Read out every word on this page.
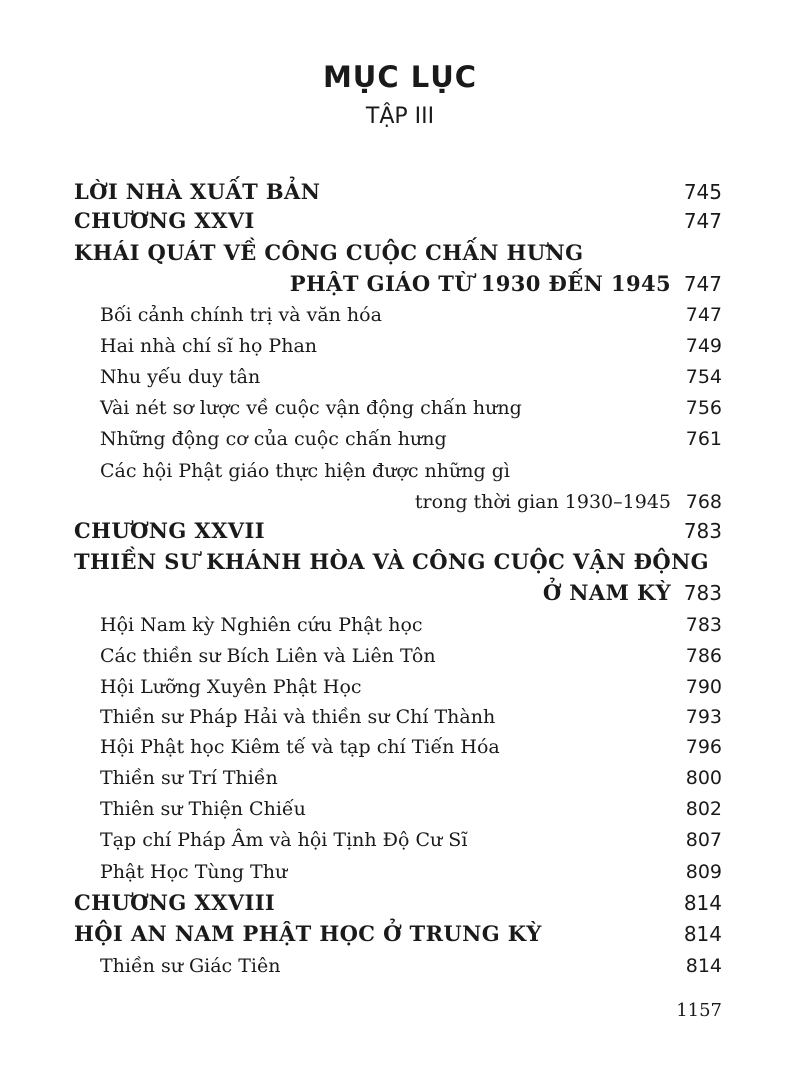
MỤC LỤC
TẬP III
LỜI NHÀ XUẤT BẢN	745
CHƯƠNG XXVI	747
KHÁI QUÁT VỀ CÔNG CUỘC CHẤN HƯNG
PHẬT GIÁO TỪ 1930 ĐẾN 1945 747
Bối cảnh chính trị và văn hóa	747
Hai nhà chí sĩ họ Phan	749
Nhu yếu duy tân	754
Vài nét sơ lược về cuộc vận động chấn hưng	756
Những động cơ của cuộc chấn hưng	761
Các hội Phật giáo thực hiện được những gì
trong thời gian 1930–1945 768
CHƯƠNG XXVII	783
THIỀN SƯ KHÁNH HÒA VÀ CÔNG CUỘC VẬN ĐỘNG
Ở NAM KỲ 783
Hội Nam kỳ Nghiên cứu Phật học	783
Các thiền sư Bích Liên và Liên Tôn	786
Hội Lưỡng Xuyên Phật Học	790
Thiền sư Pháp Hải và thiền sư Chí Thành	793
Hội Phật học Kiêm tế và tạp chí Tiến Hóa	796
Thiền sư Trí Thiền	800
Thiên sư Thiện Chiếu	802
Tạp chí Pháp Âm và hội Tịnh Độ Cư Sĩ	807
Phật Học Tùng Thư	809
CHƯƠNG XXVIII	814
HỘI AN NAM PHẬT HỌC Ở TRUNG KỲ	814
Thiền sư Giác Tiên	814
1157
